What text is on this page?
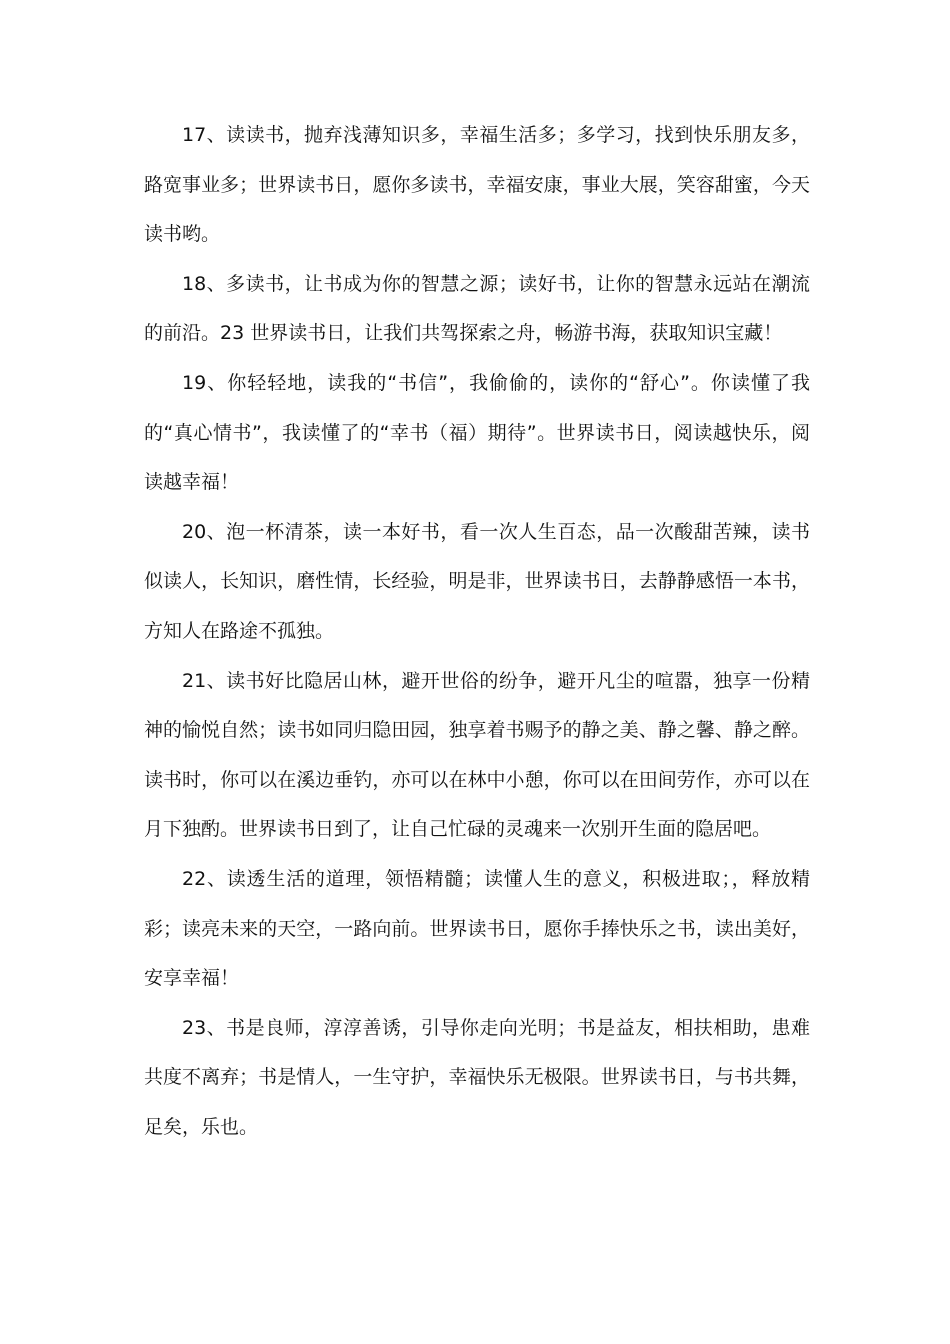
17、读读书，抛弃浅薄知识多，幸福生活多；多学习，找到快乐朋友多，路宽事业多；世界读书日，愿你多读书，幸福安康，事业大展，笑容甜蜜，今天读书哟。

18、多读书，让书成为你的智慧之源；读好书，让你的智慧永远站在潮流的前沿。23 世界读书日，让我们共驾探索之舟，畅游书海，获取知识宝藏！

19、你轻轻地，读我的“书信”，我偷偷的，读你的“舒心”。你读懂了我的“真心情书”，我读懂了的“幸书（福）期待”。世界读书日，阅读越快乐，阅读越幸福！

20、泡一杯清茶，读一本好书，看一次人生百态，品一次酸甜苦辣，读书似读人，长知识，磨性情，长经验，明是非，世界读书日，去静静感悟一本书，方知人在路途不孤独。

21、读书好比隐居山林，避开世俗的纷争，避开凡尘的喧嚣，独享一份精神的愉悦自然；读书如同归隐田园，独享着书赐予的静之美、静之馨、静之醉。读书时，你可以在溪边垂钓，亦可以在林中小憩，你可以在田间劳作，亦可以在月下独酌。世界读书日到了，让自己忙碌的灵魂来一次别开生面的隐居吧。

22、读透生活的道理，领悟精髓；读懂人生的意义，积极进取；，释放精彩；读亮未来的天空，一路向前。世界读书日，愿你手捧快乐之书，读出美好，安享幸福！

23、书是良师，淳淳善诱，引导你走向光明；书是益友，相扶相助，患难共度不离弃；书是情人，一生守护，幸福快乐无极限。世界读书日，与书共舞，足矣，乐也。
